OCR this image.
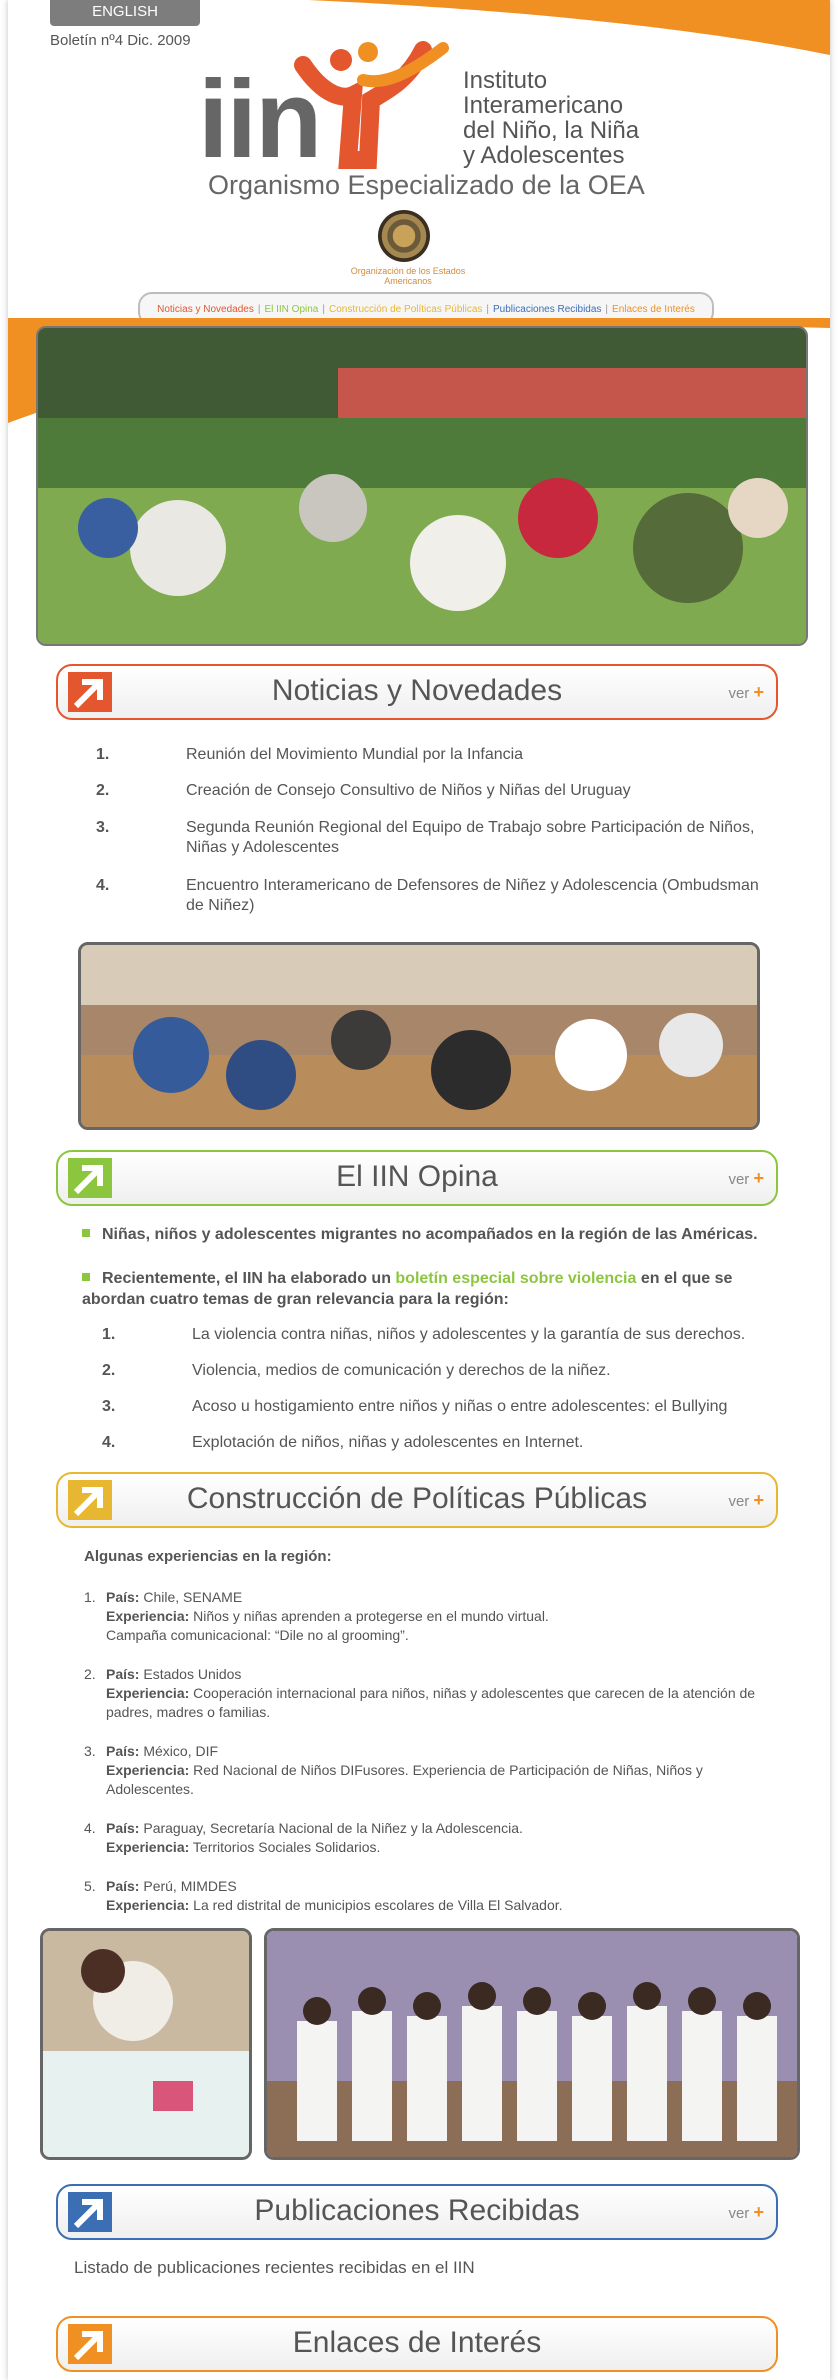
ENGLISH
Boletín nº4 Dic. 2009
iin	Instituto
Interamericano
del Niño, la Niña
y Adolescentes
Organismo Especializado de la OEA
Organización de los Estados Americanos
Noticias y Novedades | El IIN Opina | Construcción de Políticas Públicas | Publicaciones Recibidas | Enlaces de Interés
Noticias y Novedades	ver +
1.	Reunión del Movimiento Mundial por la Infancia
2.	Creación de Consejo Consultivo de Niños y Niñas del Uruguay
3.	Segunda Reunión Regional del Equipo de Trabajo sobre Participación de Niños, Niñas y Adolescentes
4.	Encuentro Interamericano de Defensores de Niñez y Adolescencia (Ombudsman de Niñez)
El IIN Opina	ver +
Niñas, niños y adolescentes migrantes no acompañados en la región de las Américas.
Recientemente, el IIN ha elaborado un boletín especial sobre violencia en el que se abordan cuatro temas de gran relevancia para la región:
1.	La violencia contra niñas, niños y adolescentes y la garantía de sus derechos.
2.	Violencia, medios de comunicación y derechos de la niñez.
3.	Acoso u hostigamiento entre niños y niñas o entre adolescentes: el Bullying
4.	Explotación de niños, niñas y adolescentes en Internet.
Construcción de Políticas Públicas	ver +
Algunas experiencias en la región:
1. País: Chile, SENAME
Experiencia: Niños y niñas aprenden a protegerse en el mundo virtual.
Campaña comunicacional: “Dile no al grooming”.
2. País: Estados Unidos
Experiencia: Cooperación internacional para niños, niñas y adolescentes que carecen de la atención de padres, madres o familias.
3. País: México, DIF
Experiencia: Red Nacional de Niños DIFusores. Experiencia de Participación de Niñas, Niños y Adolescentes.
4. País: Paraguay, Secretaría Nacional de la Niñez y la Adolescencia.
Experiencia: Territorios Sociales Solidarios.
5. País: Perú, MIMDES
Experiencia: La red distrital de municipios escolares de Villa El Salvador.
Publicaciones Recibidas	ver +
Listado de publicaciones recientes recibidas en el IIN
Enlaces de Interés
